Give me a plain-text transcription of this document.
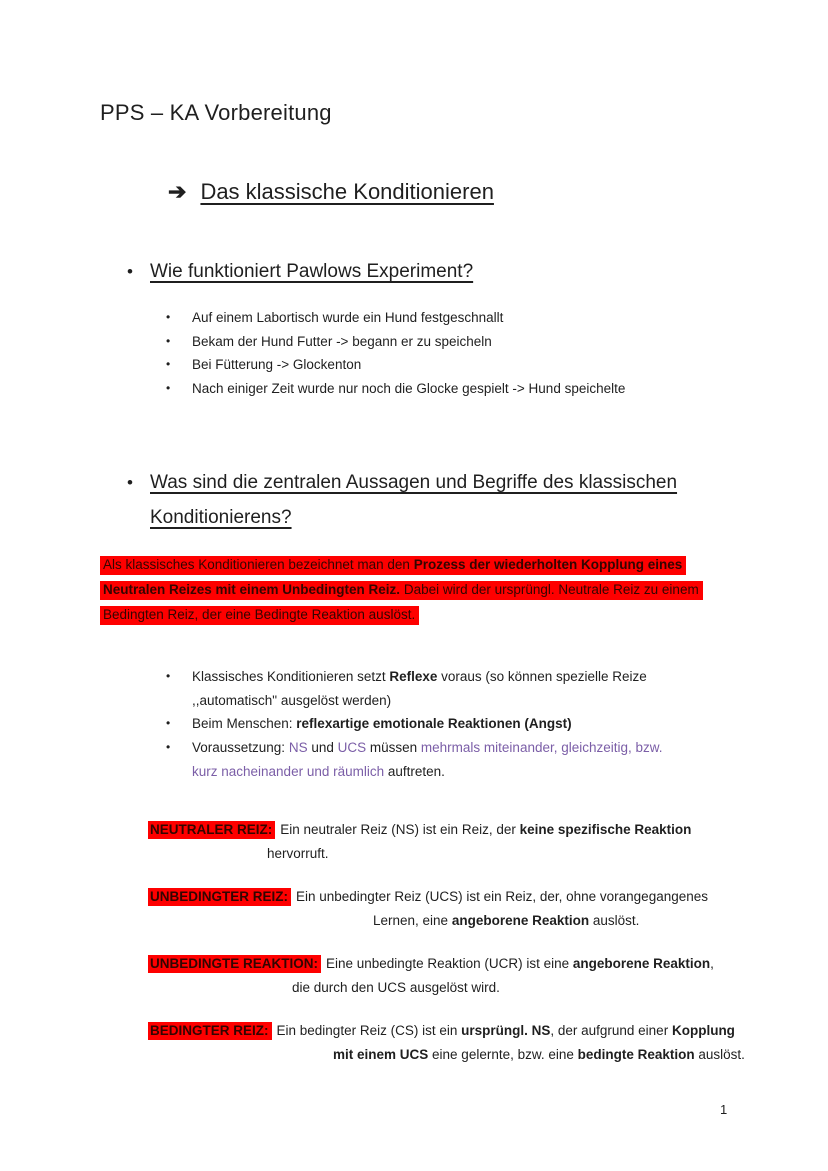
PPS – KA Vorbereitung
➔ Das klassische Konditionieren
• Wie funktioniert Pawlows Experiment?
•	Auf einem Labortisch wurde ein Hund festgeschnallt
•	Bekam der Hund Futter -> begann er zu speicheln
•	Bei Fütterung -> Glockenton
•	Nach einiger Zeit wurde nur noch die Glocke gespielt -> Hund speichelte
• Was sind die zentralen Aussagen und Begriffe des klassischen
Konditionierens?
Als klassisches Konditionieren bezeichnet man den Prozess der wiederholten Kopplung eines
Neutralen Reizes mit einem Unbedingten Reiz. Dabei wird der ursprüngl. Neutrale Reiz zu einem
Bedingten Reiz, der eine Bedingte Reaktion auslöst.
•	Klassisches Konditionieren setzt Reflexe voraus (so können spezielle Reize ,,automatisch" ausgelöst werden)
•	Beim Menschen: reflexartige emotionale Reaktionen (Angst)
•	Voraussetzung: NS und UCS müssen mehrmals miteinander, gleichzeitig, bzw. kurz nacheinander und räumlich auftreten.
NEUTRALER REIZ: Ein neutraler Reiz (NS) ist ein Reiz, der keine spezifische Reaktion
hervorruft.
UNBEDINGTER REIZ: Ein unbedingter Reiz (UCS) ist ein Reiz, der, ohne vorangegangenes
Lernen, eine angeborene Reaktion auslöst.
UNBEDINGTE REAKTION: Eine unbedingte Reaktion (UCR) ist eine angeborene Reaktion,
die durch den UCS ausgelöst wird.
BEDINGTER REIZ: Ein bedingter Reiz (CS) ist ein ursprüngl. NS, der aufgrund einer Kopplung
mit einem UCS eine gelernte, bzw. eine bedingte Reaktion auslöst.
1
